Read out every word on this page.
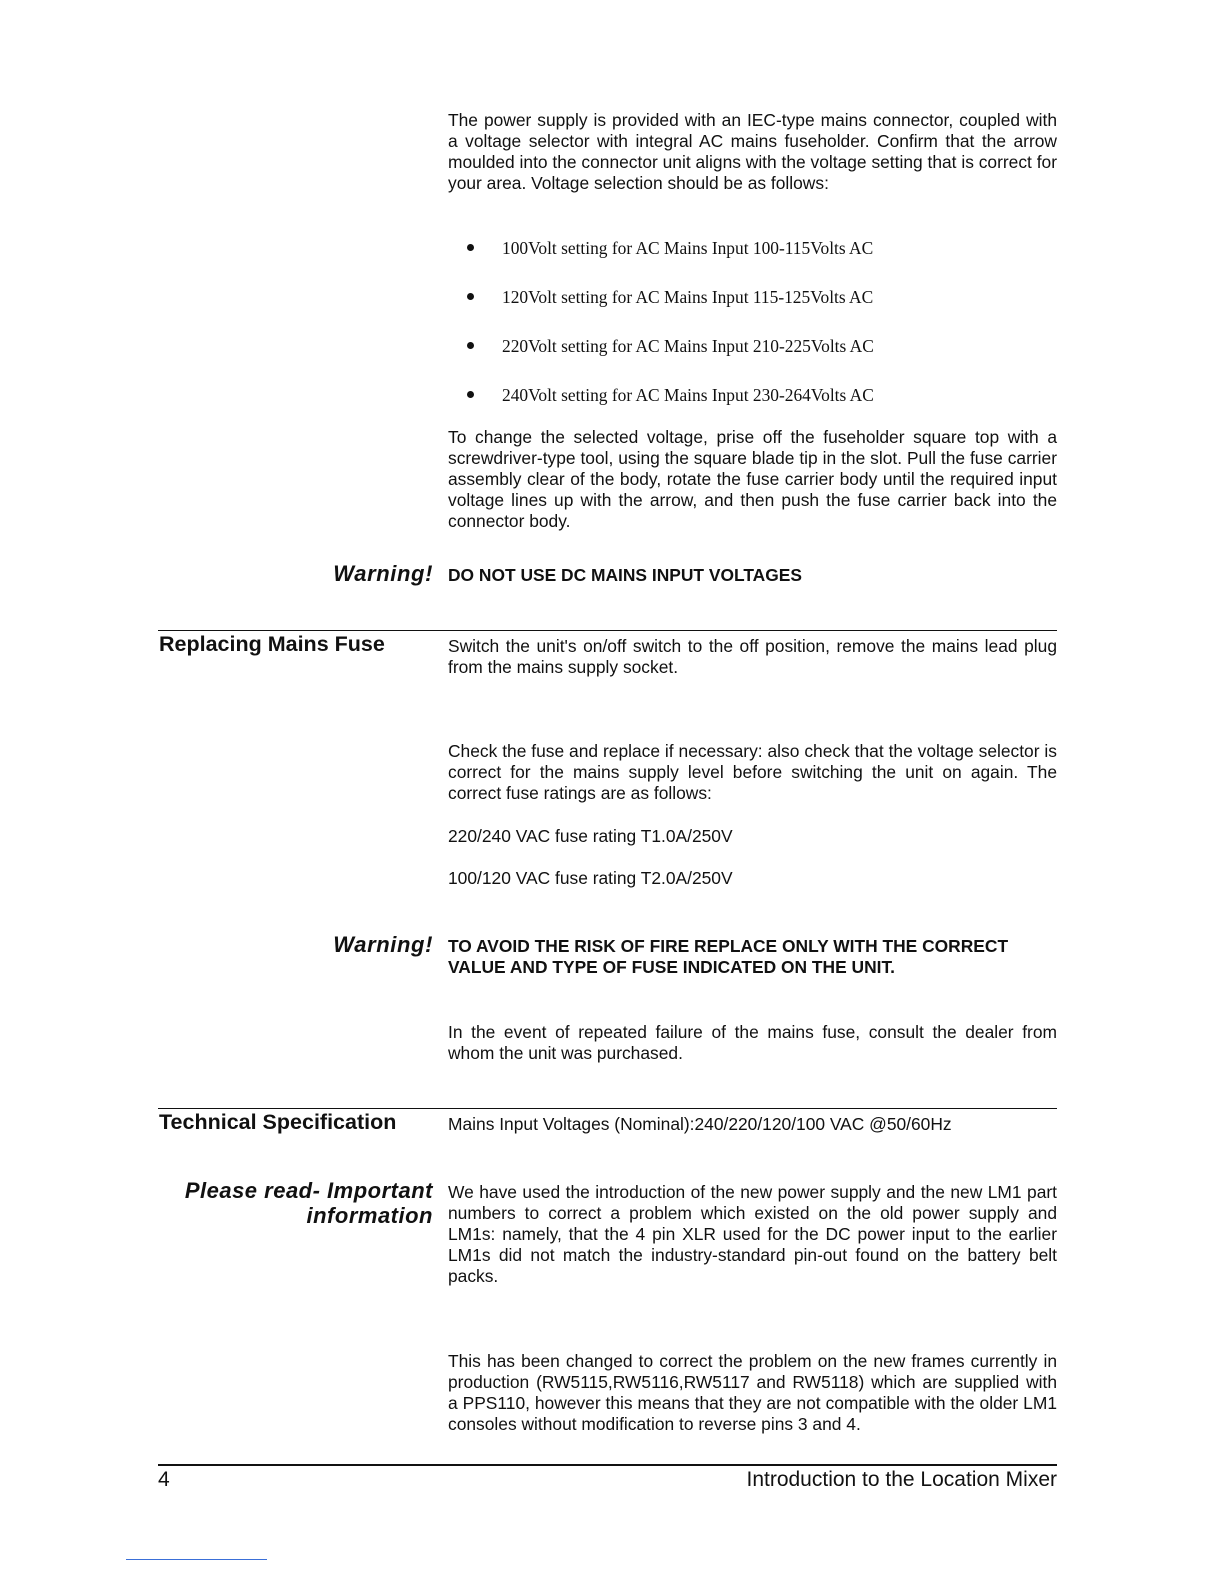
The power supply is provided with an IEC-type mains connector, coupled with a voltage selector with integral AC mains fuseholder. Confirm that the arrow moulded into the connector unit aligns with the voltage setting that is correct for your area. Voltage selection should be as follows:
100Volt setting for AC Mains Input 100-115Volts AC
120Volt setting for AC Mains Input 115-125Volts AC
220Volt setting for AC Mains Input 210-225Volts AC
240Volt setting for AC Mains Input 230-264Volts AC
To change the selected voltage, prise off the fuseholder square top with a screwdriver-type tool, using the square blade tip in the slot. Pull the fuse carrier assembly clear of the body, rotate the fuse carrier body until the required input voltage lines up with the arrow, and then push the fuse carrier back into the connector body.
Warning! DO NOT USE DC MAINS INPUT VOLTAGES
Replacing Mains Fuse	Switch the unit's on/off switch to the off position, remove the mains lead plug from the mains supply socket.
Check the fuse and replace if necessary: also check that the voltage selector is correct for the mains supply level before switching the unit on again. The correct fuse ratings are as follows:
220/240 VAC fuse rating T1.0A/250V
100/120 VAC fuse rating T2.0A/250V
Warning! TO AVOID THE RISK OF FIRE REPLACE ONLY WITH THE CORRECT VALUE AND TYPE OF FUSE INDICATED ON THE UNIT.
In the event of repeated failure of the mains fuse, consult the dealer from whom the unit was purchased.
Technical Specification	Mains Input Voltages (Nominal):240/220/120/100 VAC @50/60Hz
Please read- Important
information
We have used the introduction of the new power supply and the new LM1 part numbers to correct a problem which existed on the old power supply and LM1s: namely, that the 4 pin XLR used for the DC power input to the earlier LM1s did not match the industry-standard pin-out found on the battery belt packs.
This has been changed to correct the problem on the new frames currently in production (RW5115,RW5116,RW5117 and RW5118) which are supplied with a PPS110, however this means that they are not compatible with the older LM1 consoles without modification to reverse pins 3 and 4.
4	Introduction to the Location Mixer
